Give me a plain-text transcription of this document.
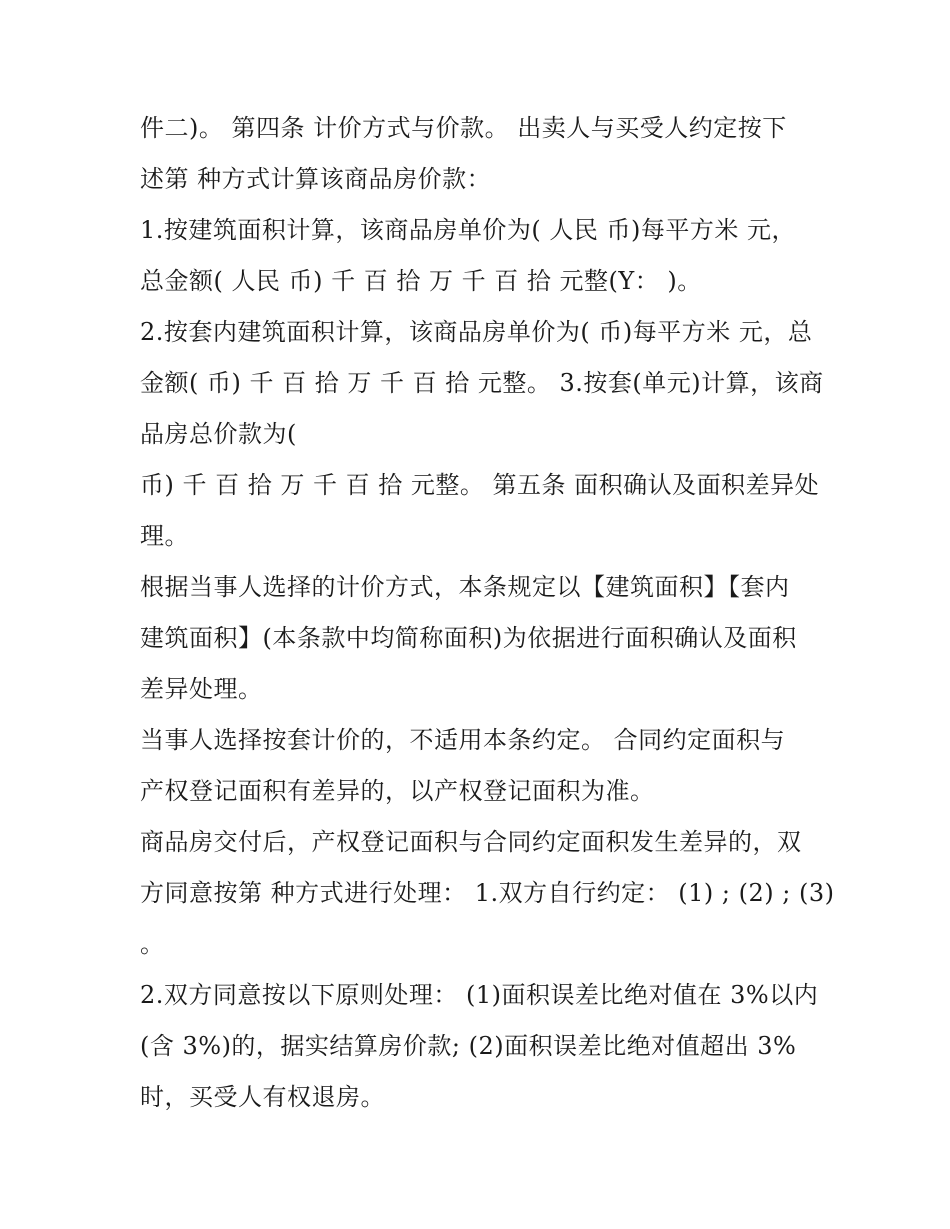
件二)。 第四条 计价方式与价款。 出卖人与买受人约定按下
述第 种方式计算该商品房价款：
1.按建筑面积计算，该商品房单价为( 人民 币)每平方米 元，
总金额( 人民 币) 千 百 拾 万 千 百 拾 元整(Y： )。
2.按套内建筑面积计算，该商品房单价为( 币)每平方米 元，总
金额( 币) 千 百 拾 万 千 百 拾 元整。 3.按套(单元)计算，该商
品房总价款为(
币) 千 百 拾 万 千 百 拾 元整。 第五条 面积确认及面积差异处
理。
根据当事人选择的计价方式，本条规定以【建筑面积】【套内
建筑面积】(本条款中均简称面积)为依据进行面积确认及面积
差异处理。
当事人选择按套计价的，不适用本条约定。 合同约定面积与
产权登记面积有差异的，以产权登记面积为准。
商品房交付后，产权登记面积与合同约定面积发生差异的，双
方同意按第 种方式进行处理： 1.双方自行约定： (1) ; (2) ; (3)
。
2.双方同意按以下原则处理： (1)面积误差比绝对值在 3%以内
(含 3%)的，据实结算房价款; (2)面积误差比绝对值超出 3%
时，买受人有权退房。
